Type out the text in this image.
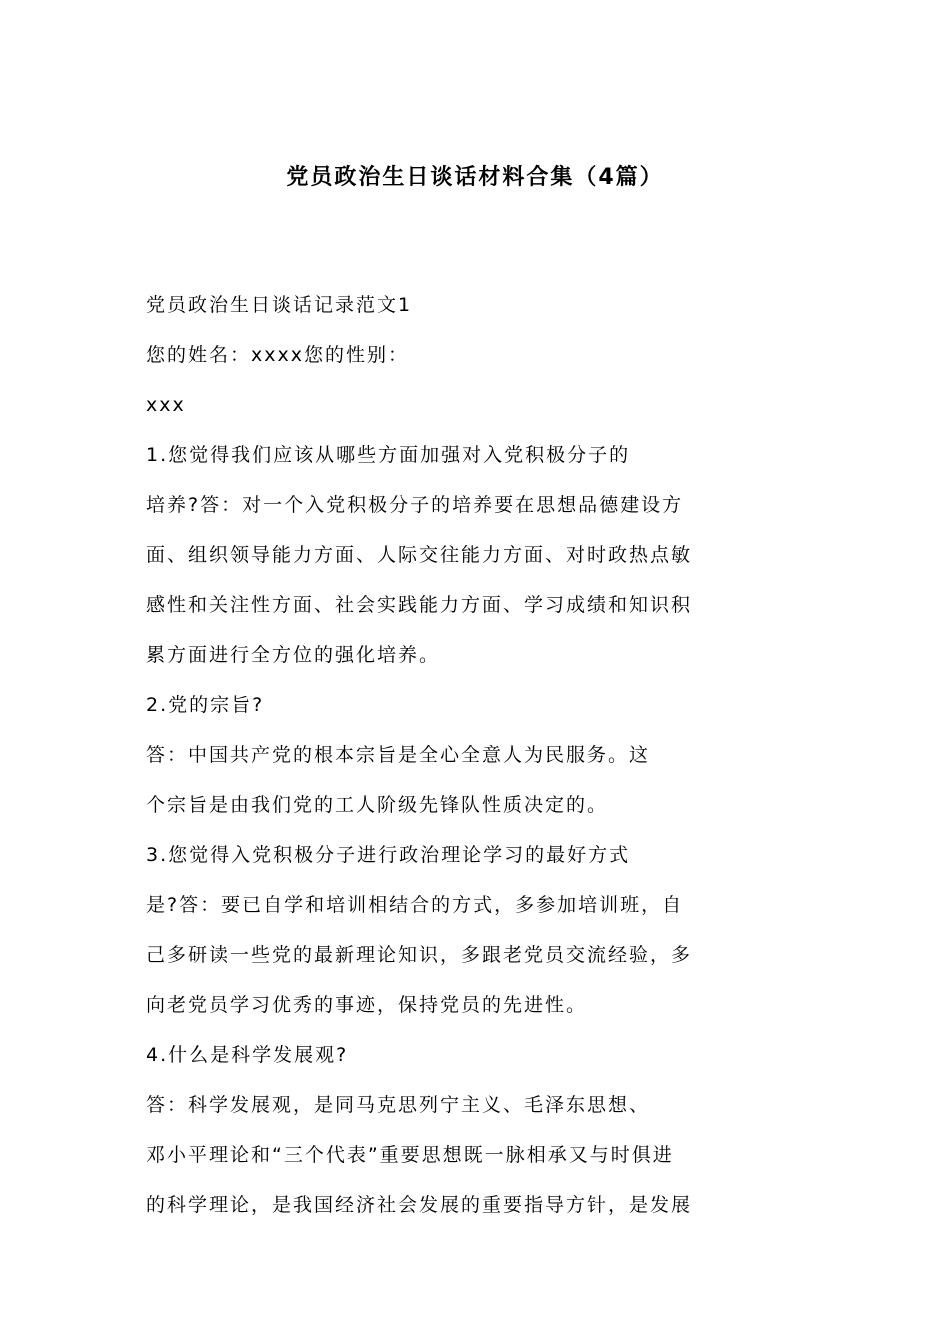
党员政治生日谈话材料合集（4篇）
党员政治生日谈话记录范文1
您的姓名：xxxx您的性别：
xxx
1.您觉得我们应该从哪些方面加强对入党积极分子的
培养?答：对一个入党积极分子的培养要在思想品德建设方
面、组织领导能力方面、人际交往能力方面、对时政热点敏
感性和关注性方面、社会实践能力方面、学习成绩和知识积
累方面进行全方位的强化培养。
2.党的宗旨?
答：中国共产党的根本宗旨是全心全意人为民服务。这
个宗旨是由我们党的工人阶级先锋队性质决定的。
3.您觉得入党积极分子进行政治理论学习的最好方式
是?答：要已自学和培训相结合的方式，多参加培训班，自
己多研读一些党的最新理论知识，多跟老党员交流经验，多
向老党员学习优秀的事迹，保持党员的先进性。
4.什么是科学发展观?
答：科学发展观，是同马克思列宁主义、毛泽东思想、
邓小平理论和“三个代表”重要思想既一脉相承又与时俱进
的科学理论，是我国经济社会发展的重要指导方针，是发展
